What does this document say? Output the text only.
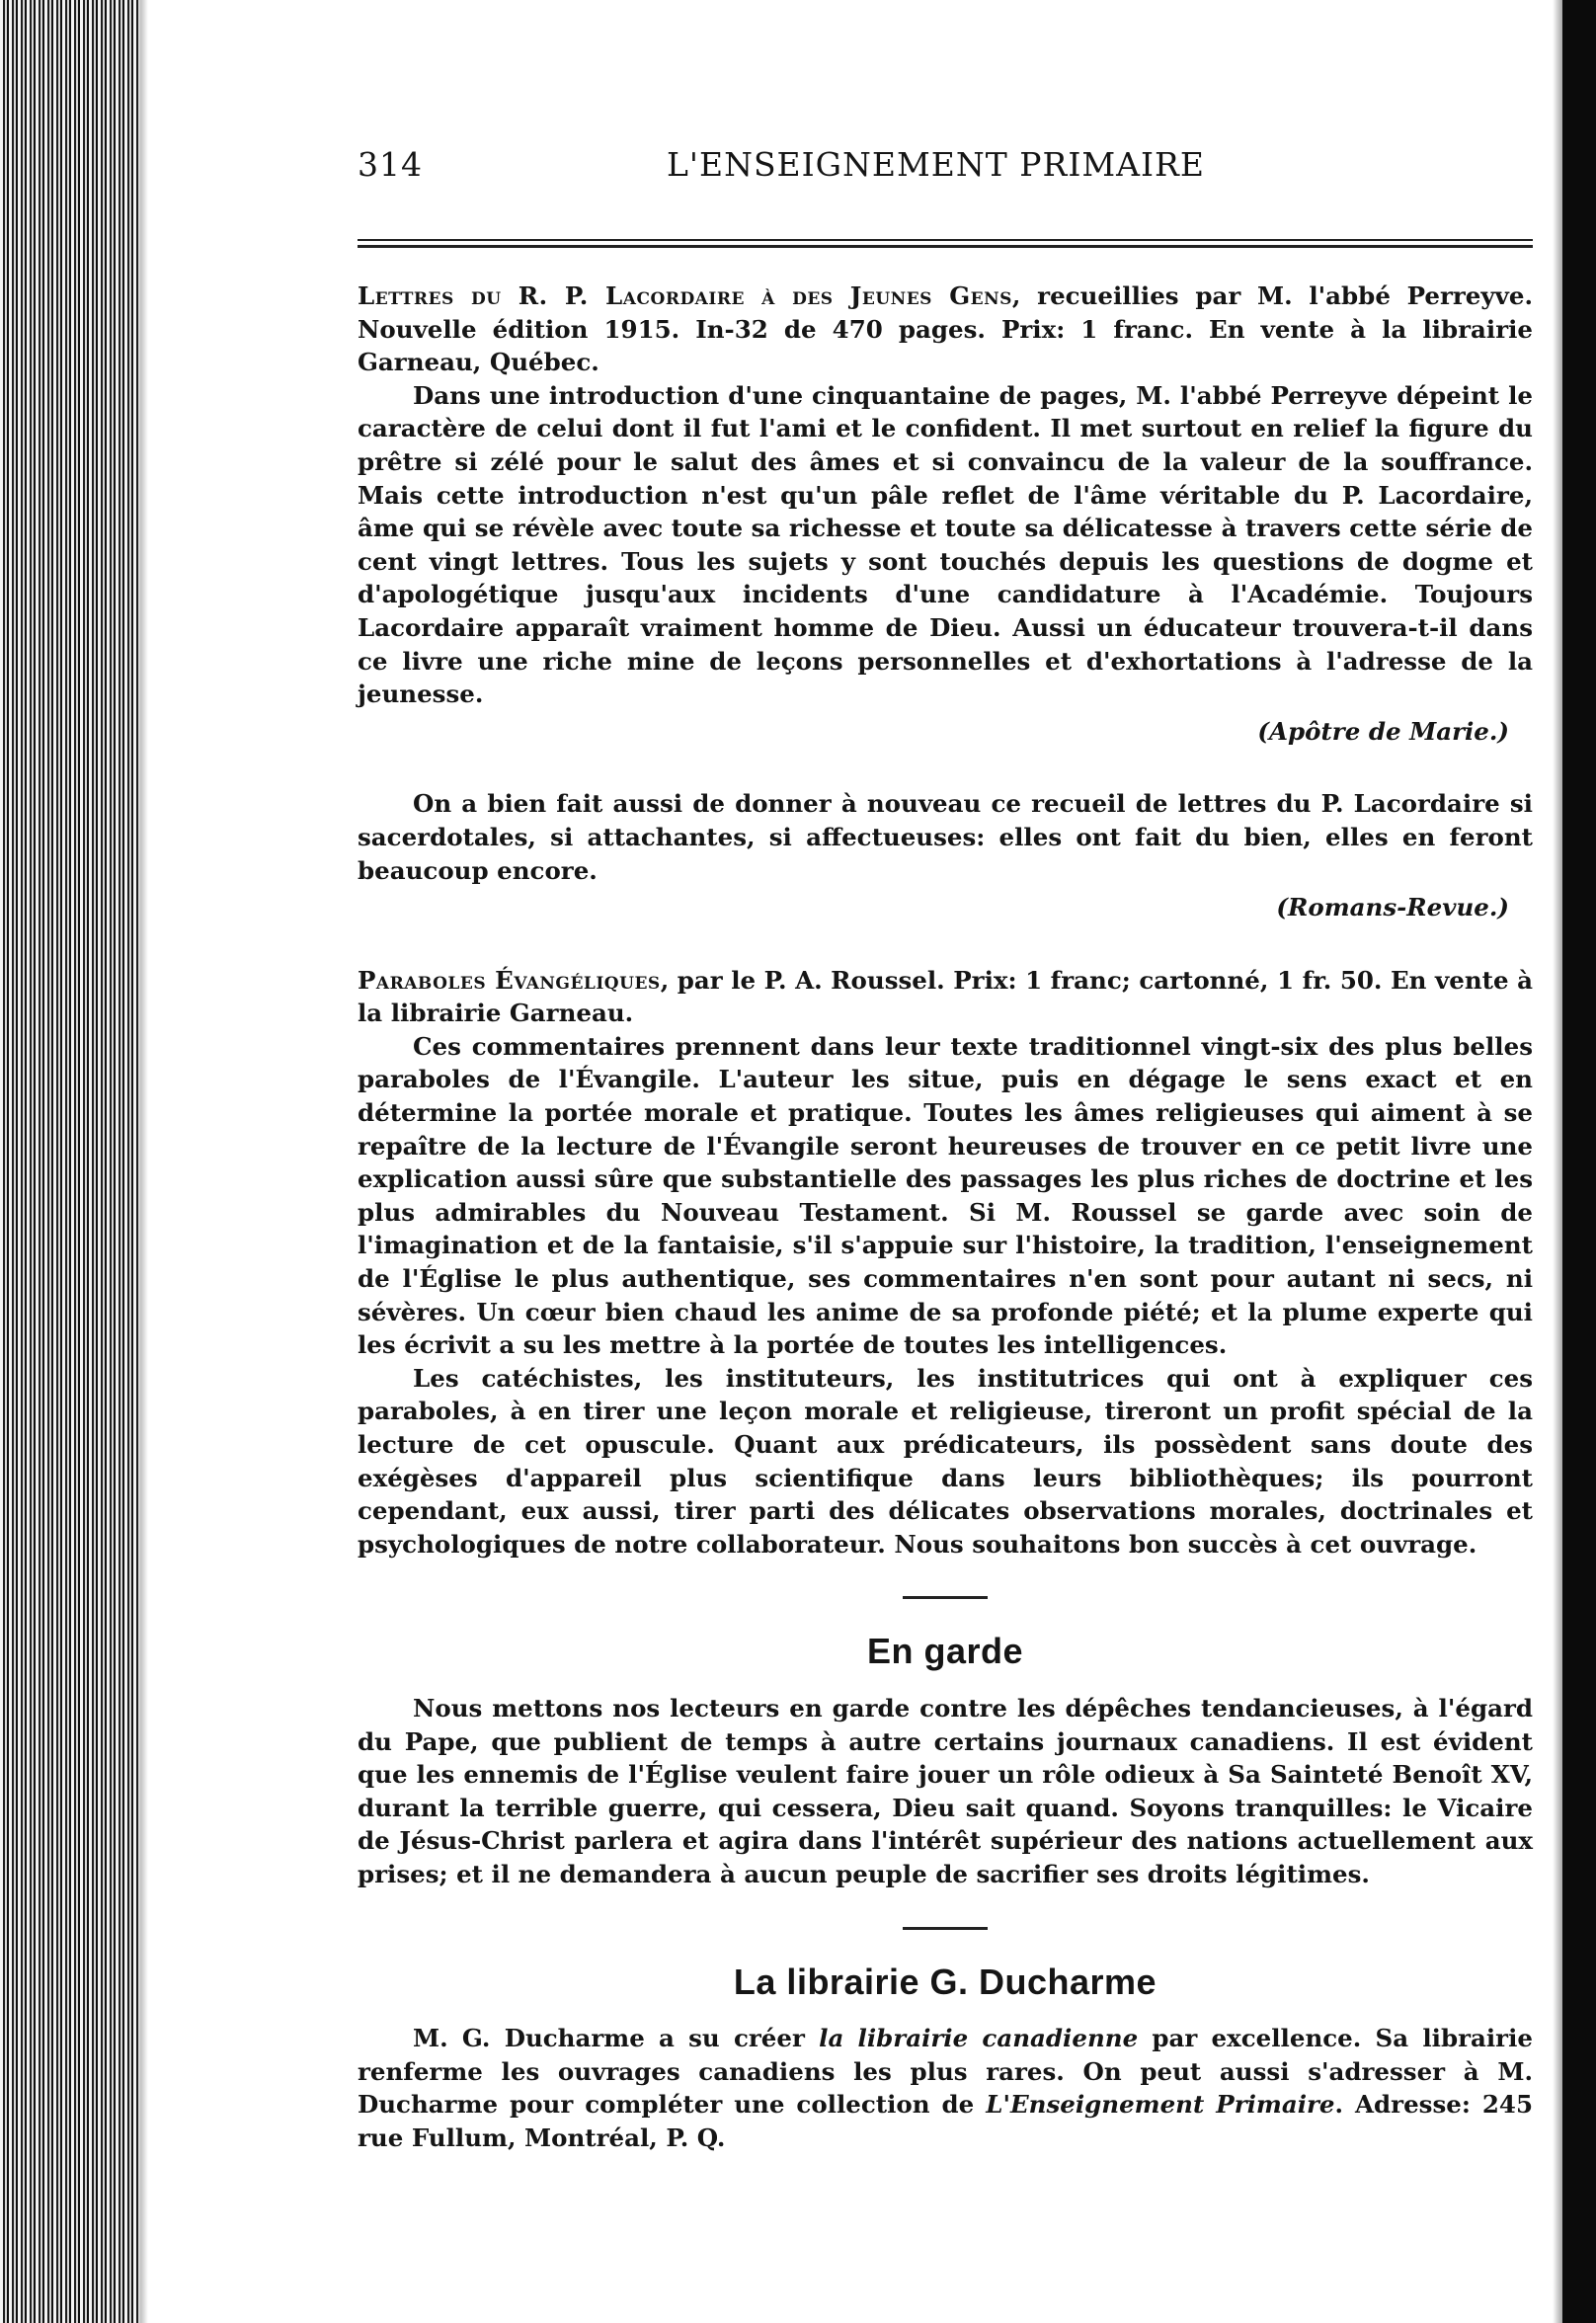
314	L'ENSEIGNEMENT PRIMAIRE

Lettres du R. P. Lacordaire à des Jeunes Gens, recueillies par M. l'abbé Perreyve. Nouvelle édition 1915. In-32 de 470 pages. Prix: 1 franc. En vente à la librairie Garneau, Québec.

Dans une introduction d'une cinquantaine de pages, M. l'abbé Perreyve dépeint le caractère de celui dont il fut l'ami et le confident. Il met surtout en relief la figure du prêtre si zélé pour le salut des âmes et si convaincu de la valeur de la souffrance. Mais cette introduction n'est qu'un pâle reflet de l'âme véritable du P. Lacordaire, âme qui se révèle avec toute sa richesse et toute sa délicatesse à travers cette série de cent vingt lettres. Tous les sujets y sont touchés depuis les questions de dogme et d'apologétique jusqu'aux incidents d'une candidature à l'Académie. Toujours Lacordaire apparaît vraiment homme de Dieu. Aussi un éducateur trouvera-t-il dans ce livre une riche mine de leçons personnelles et d'exhortations à l'adresse de la jeunesse.

(Apôtre de Marie.)

On a bien fait aussi de donner à nouveau ce recueil de lettres du P. Lacordaire si sacerdotales, si attachantes, si affectueuses: elles ont fait du bien, elles en feront beaucoup encore.

(Romans-Revue.)

Paraboles Évangéliques, par le P. A. Roussel. Prix: 1 franc; cartonné, 1 fr. 50. En vente à la librairie Garneau.

Ces commentaires prennent dans leur texte traditionnel vingt-six des plus belles paraboles de l'Évangile. L'auteur les situe, puis en dégage le sens exact et en détermine la portée morale et pratique. Toutes les âmes religieuses qui aiment à se repaître de la lecture de l'Évangile seront heureuses de trouver en ce petit livre une explication aussi sûre que substantielle des passages les plus riches de doctrine et les plus admirables du Nouveau Testament. Si M. Roussel se garde avec soin de l'imagination et de la fantaisie, s'il s'appuie sur l'histoire, la tradition, l'enseignement de l'Église le plus authentique, ses commentaires n'en sont pour autant ni secs, ni sévères. Un cœur bien chaud les anime de sa profonde piété; et la plume experte qui les écrivit a su les mettre à la portée de toutes les intelligences.

Les catéchistes, les instituteurs, les institutrices qui ont à expliquer ces paraboles, à en tirer une leçon morale et religieuse, tireront un profit spécial de la lecture de cet opuscule. Quant aux prédicateurs, ils possèdent sans doute des exégèses d'appareil plus scientifique dans leurs bibliothèques; ils pourront cependant, eux aussi, tirer parti des délicates observations morales, doctrinales et psychologiques de notre collaborateur. Nous souhaitons bon succès à cet ouvrage.

En garde

Nous mettons nos lecteurs en garde contre les dépêches tendancieuses, à l'égard du Pape, que publient de temps à autre certains journaux canadiens. Il est évident que les ennemis de l'Église veulent faire jouer un rôle odieux à Sa Sainteté Benoît XV, durant la terrible guerre, qui cessera, Dieu sait quand. Soyons tranquilles: le Vicaire de Jésus-Christ parlera et agira dans l'intérêt supérieur des nations actuellement aux prises; et il ne demandera à aucun peuple de sacrifier ses droits légitimes.

La librairie G. Ducharme

M. G. Ducharme a su créer la librairie canadienne par excellence. Sa librairie renferme les ouvrages canadiens les plus rares. On peut aussi s'adresser à M. Ducharme pour compléter une collection de L'Enseignement Primaire. Adresse: 245 rue Fullum, Montréal, P. Q.
